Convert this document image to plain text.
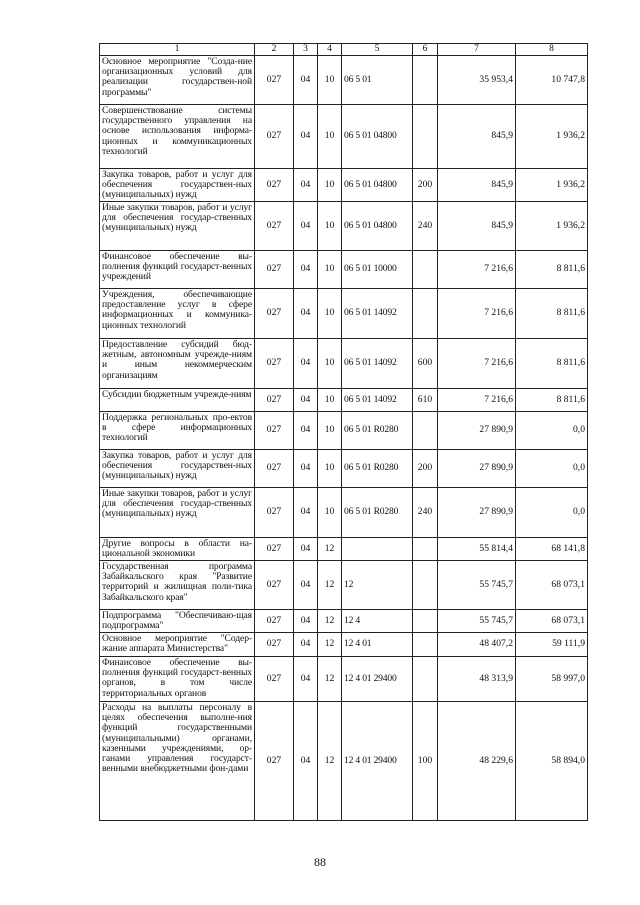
1	2	3	4	5	6	7	8
Основное мероприятие "Созда-ние организационных условий для реализации государствен-ной программы"	027	04	10	06 5 01		35 953,4	10 747,8
Совершенствование системы государственного управления на основе использования информа-ционных и коммуникационных технологий	027	04	10	06 5 01 04800		845,9	1 936,2
Закупка товаров, работ и услуг для обеспечения государствен-ных (муниципальных) нужд	027	04	10	06 5 01 04800	200	845,9	1 936,2
Иные закупки товаров, работ и услуг для обеспечения государ-ственных (муниципальных) нужд	027	04	10	06 5 01 04800	240	845,9	1 936,2
Финансовое обеспечение вы-полнения функций государст-венных учреждений	027	04	10	06 5 01 10000		7 216,6	8 811,6
Учреждения, обеспечивающие предоставление услуг в сфере информационных и коммуника-ционных технологий	027	04	10	06 5 01 14092		7 216,6	8 811,6
Предоставление субсидий бюд-жетным, автономным учрежде-ниям и иным некоммерческим организациям	027	04	10	06 5 01 14092	600	7 216,6	8 811,6
Субсидии бюджетным учрежде-ниям	027	04	10	06 5 01 14092	610	7 216,6	8 811,6
Поддержка региональных про-ектов в сфере информационных технологий	027	04	10	06 5 01 R0280		27 890,9	0,0
Закупка товаров, работ и услуг для обеспечения государствен-ных (муниципальных) нужд	027	04	10	06 5 01 R0280	200	27 890,9	0,0
Иные закупки товаров, работ и услуг для обеспечения государ-ственных (муниципальных) нужд	027	04	10	06 5 01 R0280	240	27 890,9	0,0
Другие вопросы в области на-циональной экономики	027	04	12			55 814,4	68 141,8
Государственная программа Забайкальского края "Развитие территорий и жилищная поли-тика Забайкальского края"	027	04	12	12		55 745,7	68 073,1
Подпрограмма "Обеспечиваю-щая подпрограмма"	027	04	12	12 4		55 745,7	68 073,1
Основное мероприятие "Содер-жание аппарата Министерства"	027	04	12	12 4 01		48 407,2	59 111,9
Финансовое обеспечение вы-полнения функций государст-венных органов, в том числе территориальных органов	027	04	12	12 4 01 29400		48 313,9	58 997,0
Расходы на выплаты персоналу в целях обеспечения выполне-ния функций государственными (муниципальными) органами, казенными учреждениями, ор-ганами управления государст-венными внебюджетными фон-дами	027	04	12	12 4 01 29400	100	48 229,6	58 894,0
88
